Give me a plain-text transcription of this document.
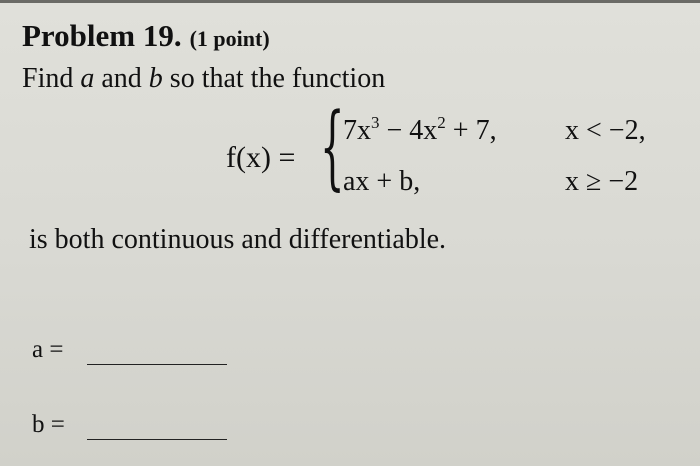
Problem 19. (1 point)
Find a and b so that the function
f(x) = {
$7x^3 - 4x^2 + 7$, x < −2,
ax + b,	x ≥ −2
is both continuous and differentiable.
a =
b =
